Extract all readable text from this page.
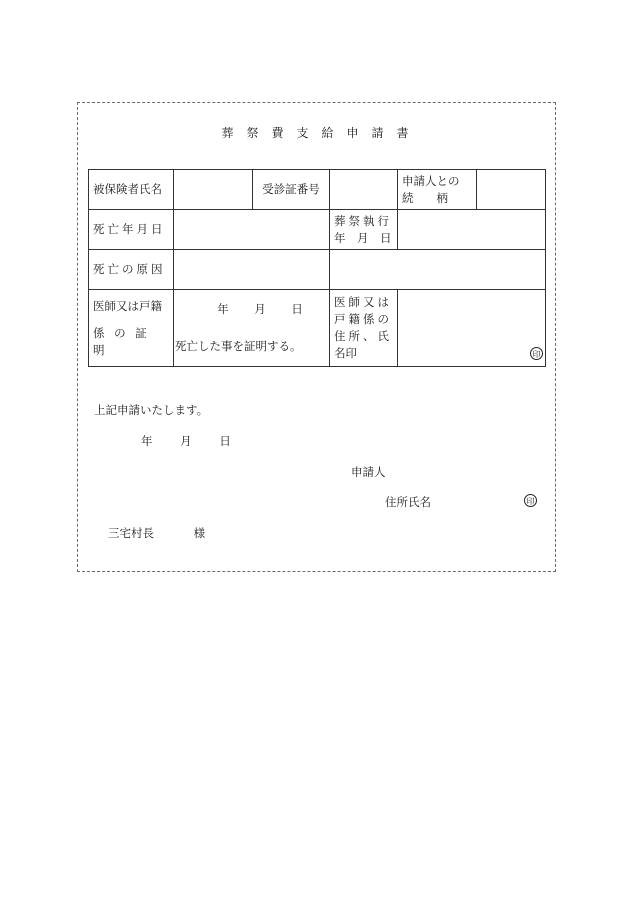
葬祭費支給申請書
被保険者氏名		受診証番号		申請人との
続　　柄	

死亡年月日			葬祭執行
年　月　日		

死亡の原因					

医師又は戸籍
係 の 証 明	年 月 日
死亡した事を証明する。		医師又は
戸籍係の
住所、氏
名印	印	
上記申請いたします。
年 月 日
申請人
住所氏名	印
三宅村長	様
